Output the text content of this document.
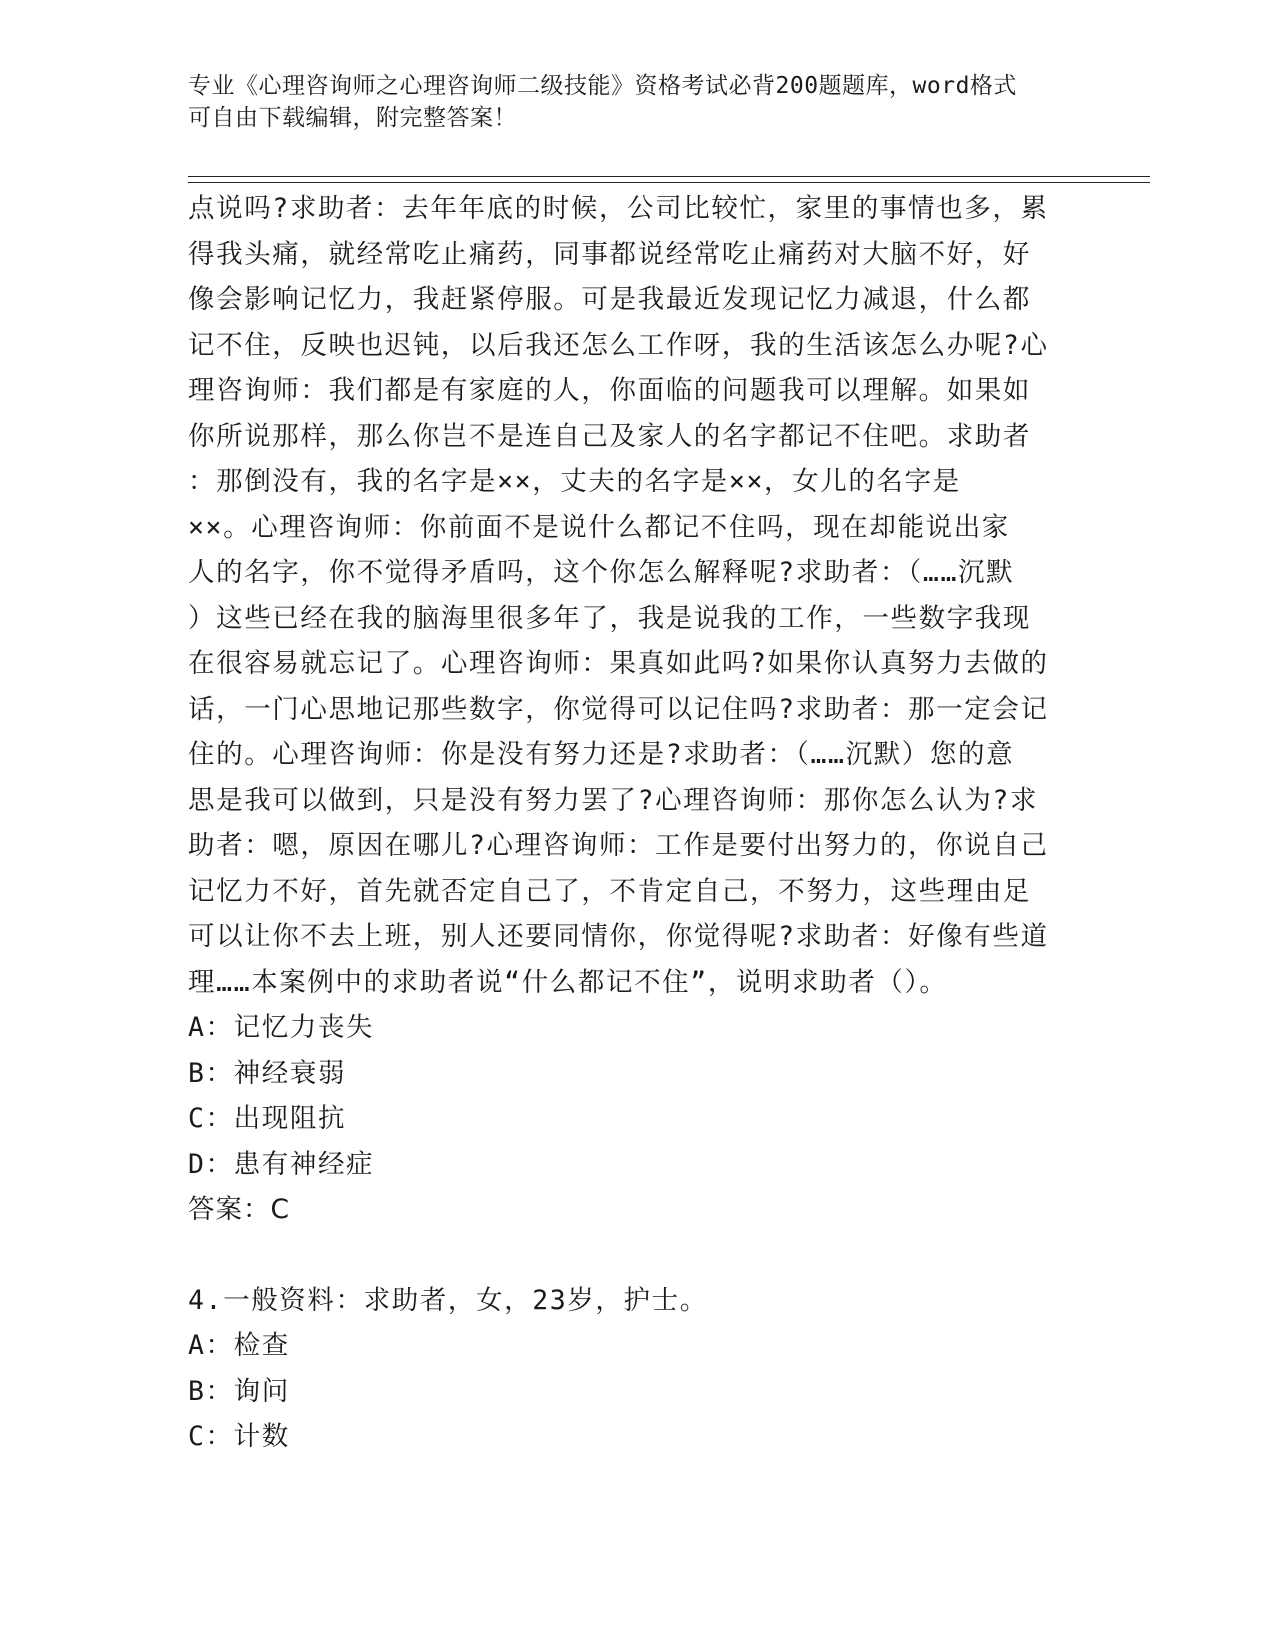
专业《心理咨询师之心理咨询师二级技能》资格考试必背200题题库，word格式
可自由下载编辑，附完整答案！
点说吗?求助者：去年年底的时候，公司比较忙，家里的事情也多，累
得我头痛，就经常吃止痛药，同事都说经常吃止痛药对大脑不好，好
像会影响记忆力，我赶紧停服。可是我最近发现记忆力减退，什么都
记不住，反映也迟钝，以后我还怎么工作呀，我的生活该怎么办呢?心
理咨询师：我们都是有家庭的人，你面临的问题我可以理解。如果如
你所说那样，那么你岂不是连自己及家人的名字都记不住吧。求助者
：那倒没有，我的名字是××，丈夫的名字是××，女儿的名字是
××。心理咨询师：你前面不是说什么都记不住吗，现在却能说出家
人的名字，你不觉得矛盾吗，这个你怎么解释呢?求助者：（……沉默
）这些已经在我的脑海里很多年了，我是说我的工作，一些数字我现
在很容易就忘记了。心理咨询师：果真如此吗?如果你认真努力去做的
话，一门心思地记那些数字，你觉得可以记住吗?求助者：那一定会记
住的。心理咨询师：你是没有努力还是?求助者：（……沉默）您的意
思是我可以做到，只是没有努力罢了?心理咨询师：那你怎么认为?求
助者：嗯，原因在哪儿?心理咨询师：工作是要付出努力的，你说自己
记忆力不好，首先就否定自己了，不肯定自己，不努力，这些理由足
可以让你不去上班，别人还要同情你，你觉得呢?求助者：好像有些道
理……本案例中的求助者说“什么都记不住”，说明求助者（）。
A：记忆力丧失
B：神经衰弱
C：出现阻抗
D：患有神经症
答案：C
4.一般资料：求助者，女，23岁，护士。
A：检查
B：询问
C：计数
